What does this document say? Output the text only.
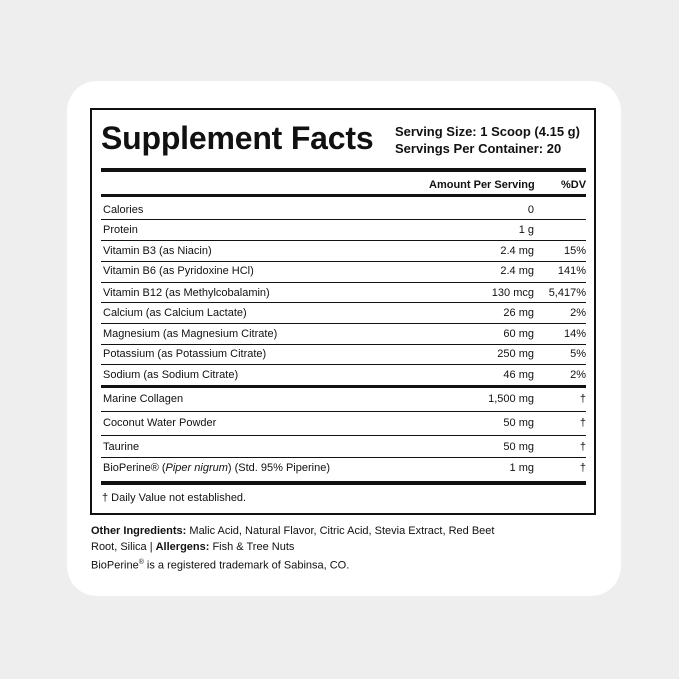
Supplement Facts Serving Size: 1 Scoop (4.15 g)
Servings Per Container: 20
Amount Per Serving %DV
Calories	0
Protein	1 g
Vitamin B3 (as Niacin)	2.4 mg	15%
Vitamin B6 (as Pyridoxine HCl)	2.4 mg 141%
Vitamin B12 (as Methylcobalamin)	130 mcg 5,417%
Calcium (as Calcium Lactate)	26 mg	2%
Magnesium (as Magnesium Citrate)	60 mg	14%
Potassium (as Potassium Citrate)	250 mg	5%
Sodium (as Sodium Citrate)	46 mg	2%
Marine Collagen	1,500 mg	†
Coconut Water Powder	50 mg	†
Taurine	50 mg	†
BioPerine® (Piper nigrum) (Std. 95% Piperine)	1 mg	†
† Daily Value not established.
Other Ingredients: Malic Acid, Natural Flavor, Citric Acid, Stevia Extract, Red Beet Root, Silica | Allergens: Fish & Tree Nuts
BioPerine® is a registered trademark of Sabinsa, CO.
